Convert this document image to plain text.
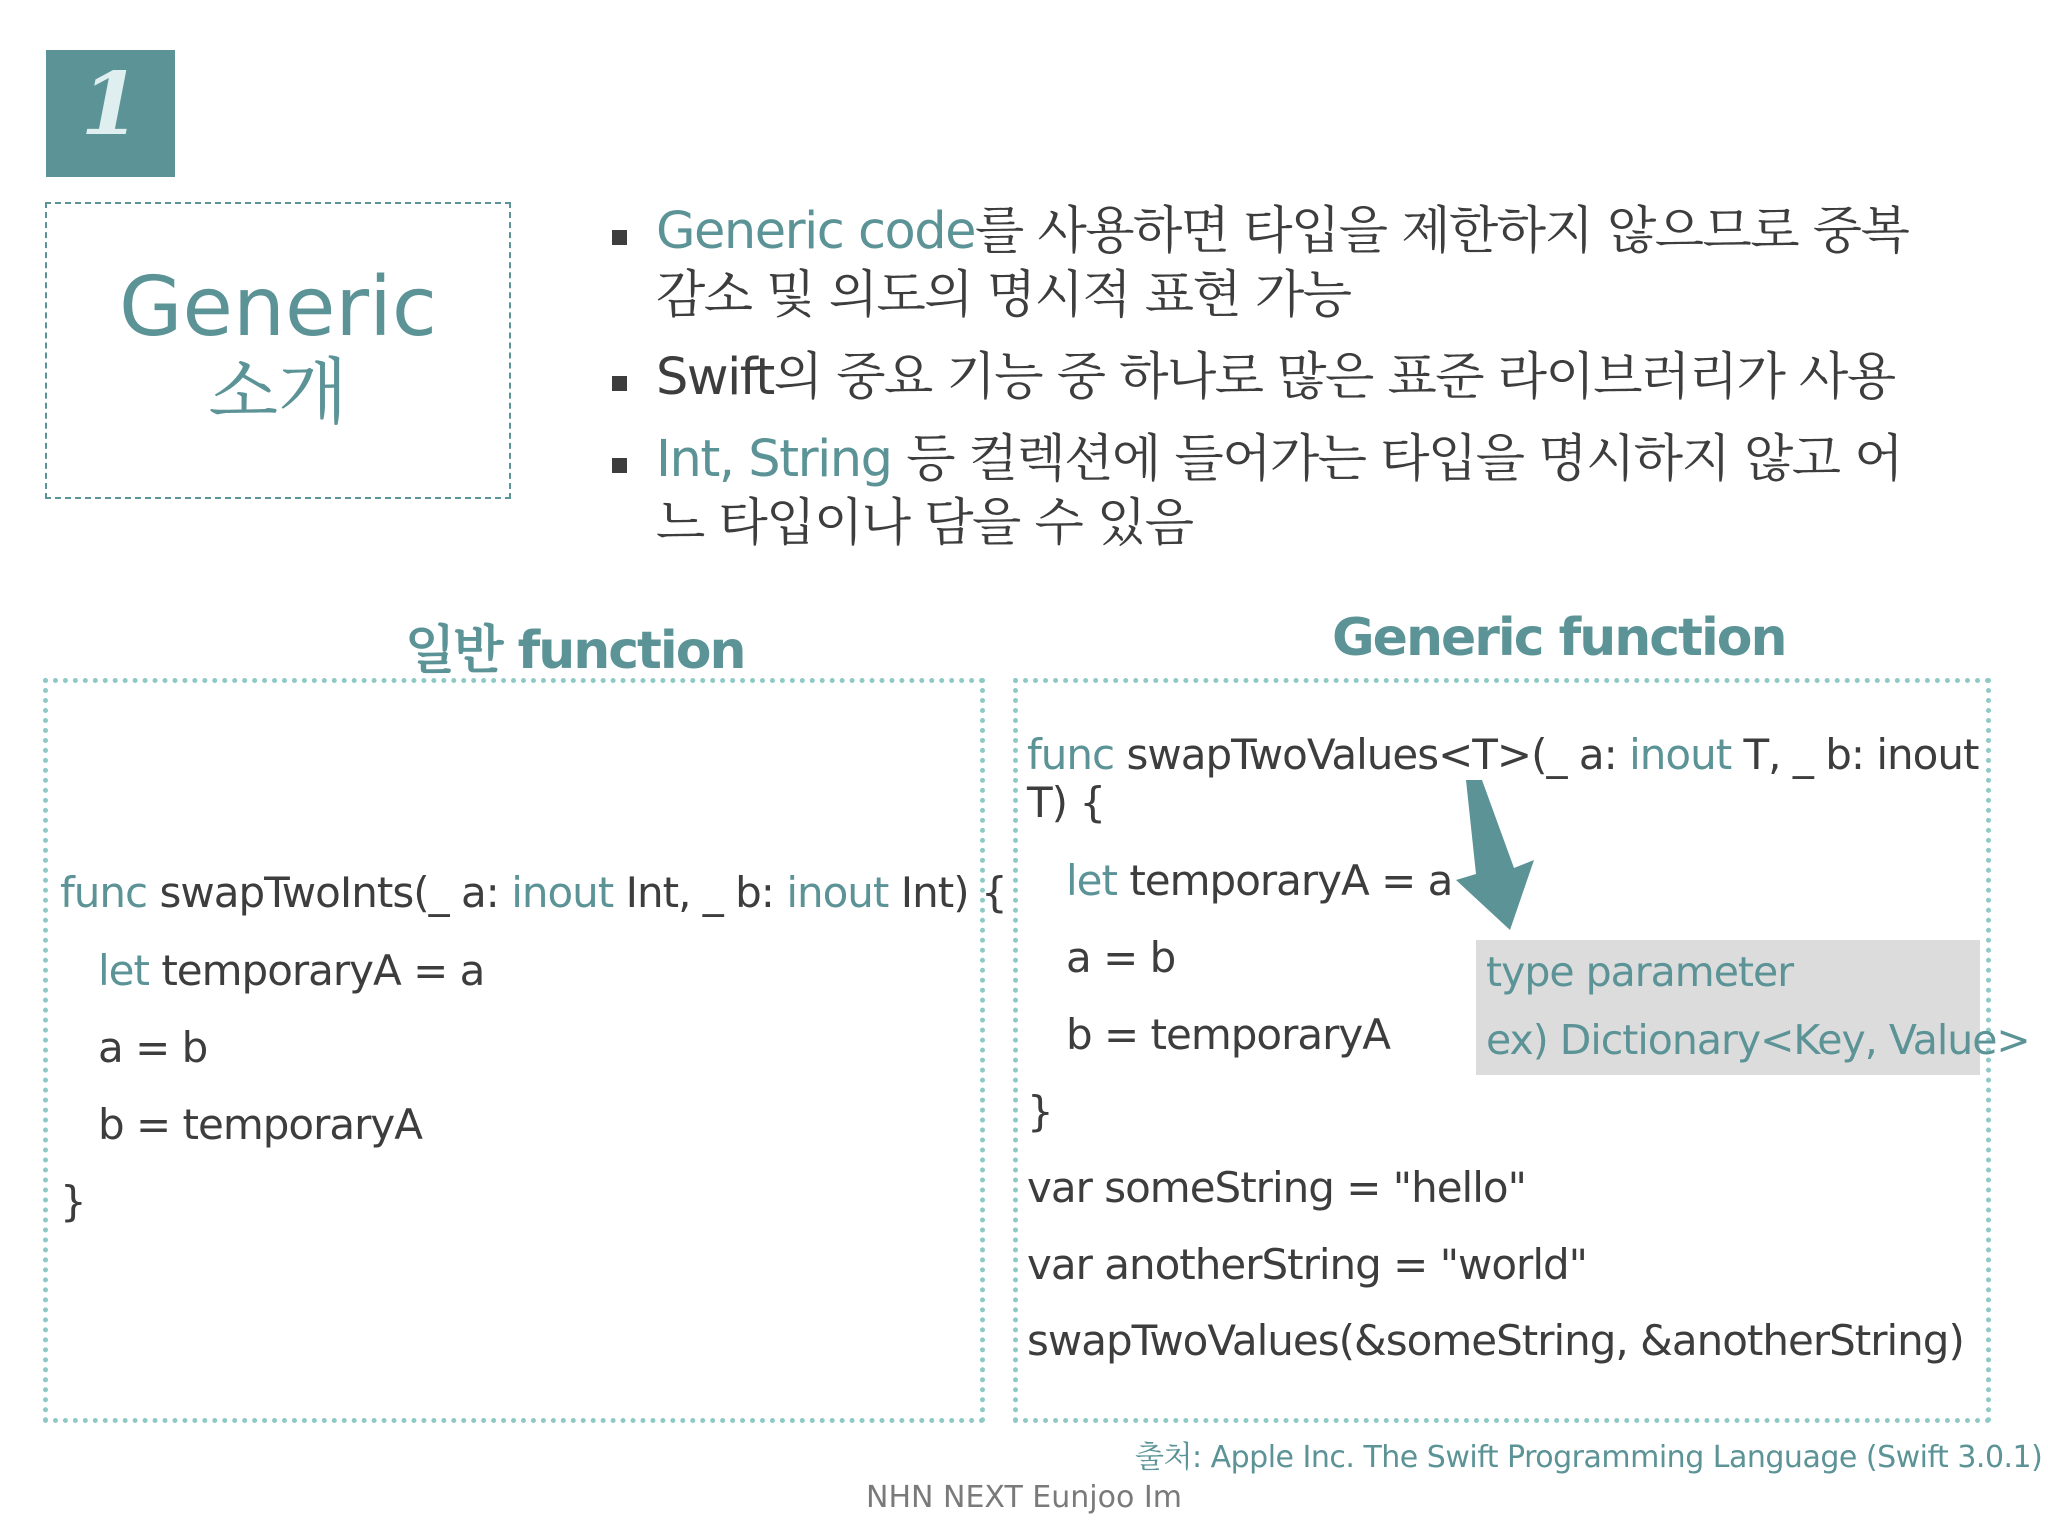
1
Generic
소개
Generic code를 사용하면 타입을 제한하지 않으므로 중복
감소 및 의도의 명시적 표현 가능
Swift의 중요 기능 중 하나로 많은 표준 라이브러리가 사용
Int, String 등 컬렉션에 들어가는 타입을 명시하지 않고 어
느 타입이나 담을 수 있음
일반 function	Generic function
func swapTwoInts(_ a: inout Int, _ b: inout Int) {
let temporaryA = a
a = b
b = temporaryA
}
func swapTwoValues<T>(_ a: inout T, _ b: inout
T) {
let temporaryA = a
a = b
b = temporaryA
}
var someString = "hello"
var anotherString = "world"
swapTwoValues(&someString, &anotherString)
type parameter
ex) Dictionary<Key, Value>
출처: Apple Inc. The Swift Programming Language (Swift 3.0.1)
NHN NEXT Eunjoo Im
